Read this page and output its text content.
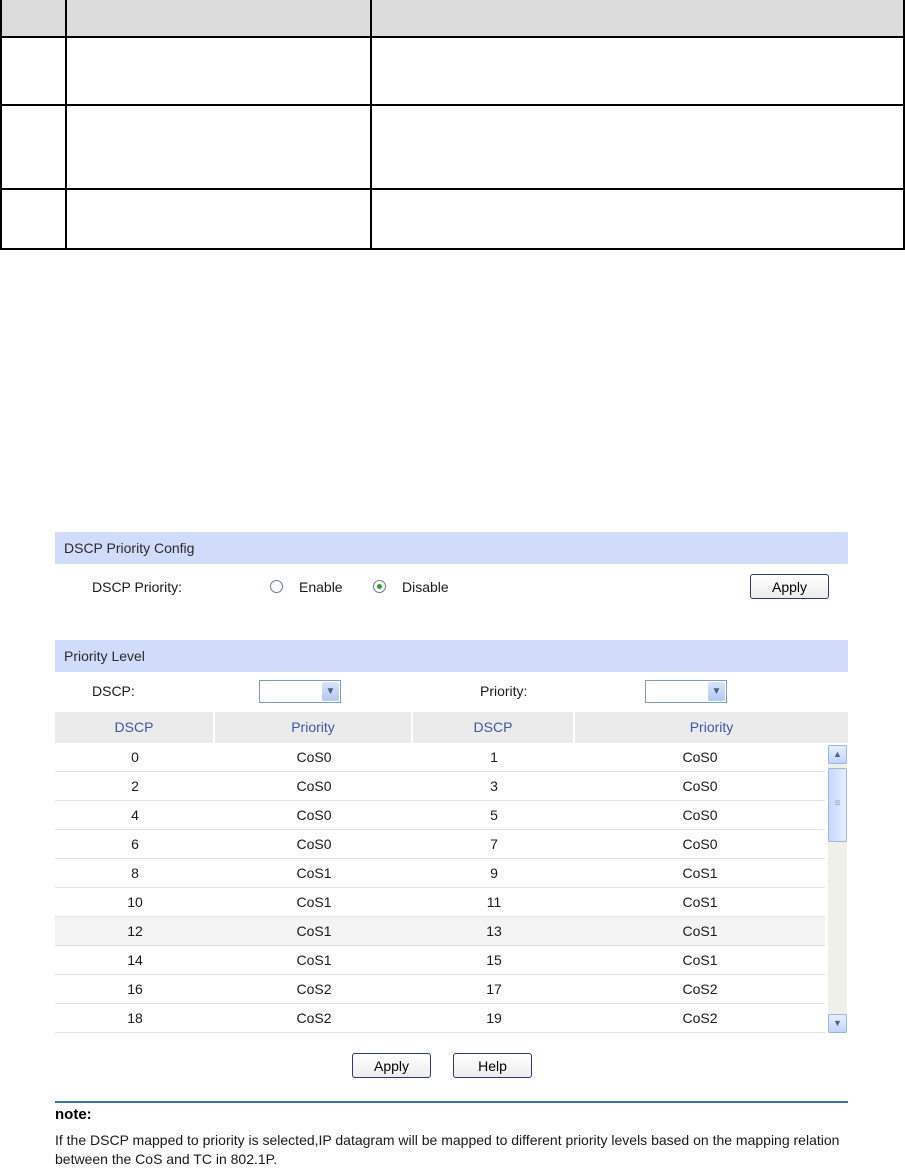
DSCP Priority Config
DSCP Priority:	Enable	Disable	Apply
Priority Level
DSCP:	▼	Priority:	▼
DSCP	Priority	DSCP	Priority
0	CoS0	1	CoS0
2	CoS0	3	CoS0
4	CoS0	5	CoS0
6	CoS0	7	CoS0
8	CoS1	9	CoS1
10	CoS1	11	CoS1
12	CoS1	13	CoS1
14	CoS1	15	CoS1
16	CoS2	17	CoS2
18	CoS2	19	CoS2
▲
≡
▼
Apply	Help
note:
If the DSCP mapped to priority is selected,IP datagram will be mapped to different priority levels based on the mapping relation between the CoS and TC in 802.1P.
